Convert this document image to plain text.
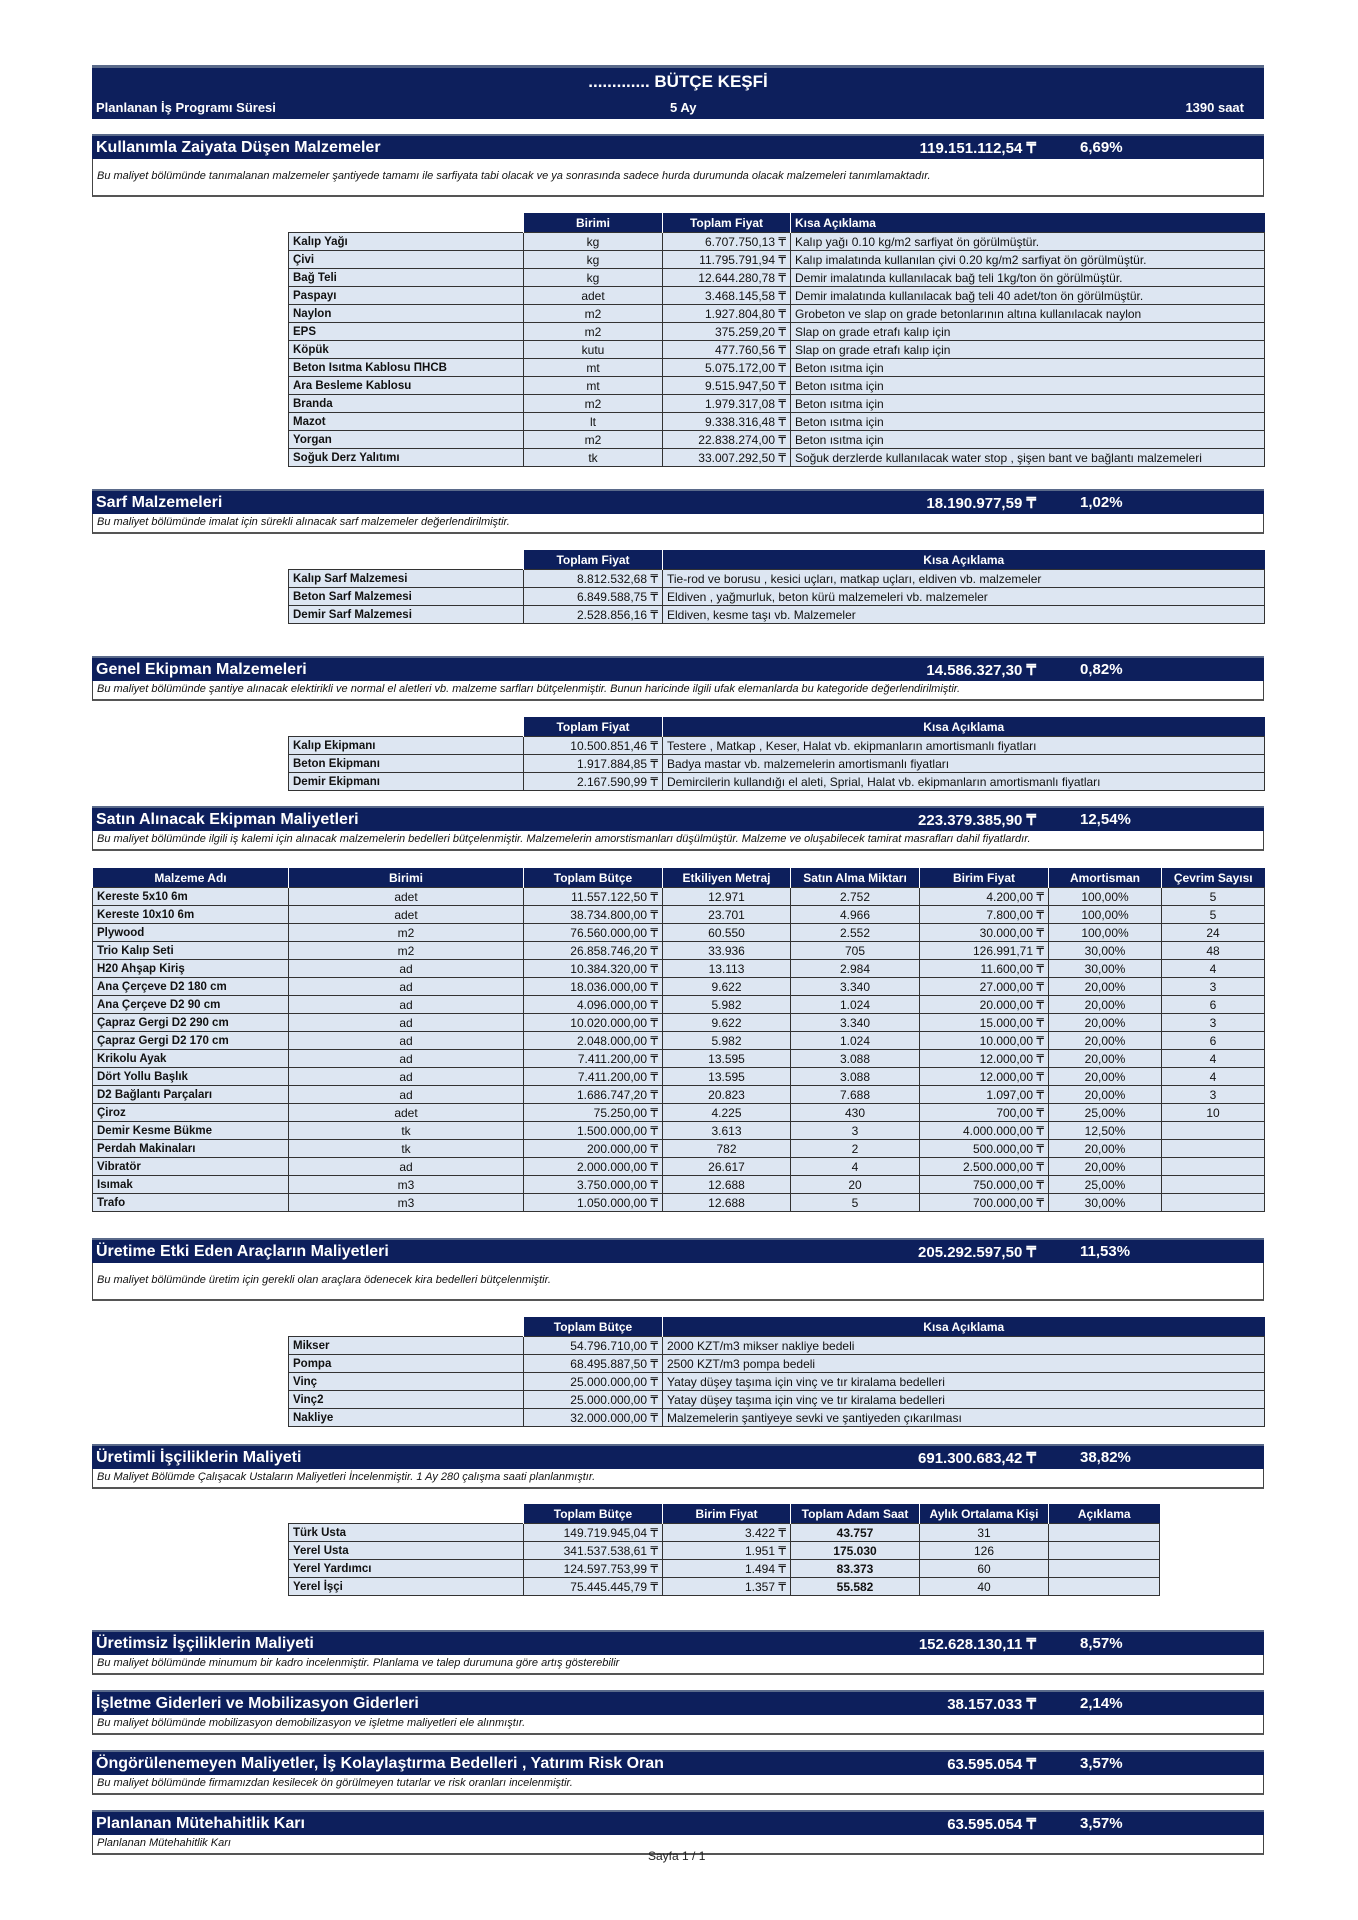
............. BÜTÇE KEŞFİ
Planlanan İş Programı Süresi	5 Ay	1390 saat
Kullanımla Zaiyata Düşen Malzemeler	119.151.112,54 ₸	6,69%
Bu maliyet bölümünde tanımalanan malzemeler şantiyede tamamı ile sarfiyata tabi olacak ve ya sonrasında sadece hurda durumunda olacak malzemeleri tanımlamaktadır.
	Birimi	Toplam Fiyat	Kısa Açıklama
Kalıp Yağı	kg	6.707.750,13 ₸	Kalıp yağı 0.10 kg/m2 sarfiyat ön görülmüştür.
Çivi	kg	11.795.791,94 ₸	Kalıp imalatında kullanılan çivi 0.20 kg/m2 sarfiyat ön görülmüştür.
Bağ Teli	kg	12.644.280,78 ₸	Demir imalatında kullanılacak bağ teli 1kg/ton ön görülmüştür.
Paspayı	adet	3.468.145,58 ₸	Demir imalatında kullanılacak bağ teli 40 adet/ton ön görülmüştür.
Naylon	m2	1.927.804,80 ₸	Grobeton ve slap on grade betonlarının altına kullanılacak naylon
EPS	m2	375.259,20 ₸	Slap on grade etrafı kalıp için
Köpük	kutu	477.760,56 ₸	Slap on grade etrafı kalıp için
Beton Isıtma Kablosu ПНСВ	mt	5.075.172,00 ₸	Beton ısıtma için
Ara Besleme Kablosu	mt	9.515.947,50 ₸	Beton ısıtma için
Branda	m2	1.979.317,08 ₸	Beton ısıtma için
Mazot	lt	9.338.316,48 ₸	Beton ısıtma için
Yorgan	m2	22.838.274,00 ₸	Beton ısıtma için
Soğuk Derz Yalıtımı	tk	33.007.292,50 ₸	Soğuk derzlerde kullanılacak water stop , şişen bant ve bağlantı malzemeleri
Sarf Malzemeleri	18.190.977,59 ₸	1,02%
Bu maliyet bölümünde imalat için sürekli alınacak sarf malzemeler değerlendirilmiştir.
	Toplam Fiyat	Kısa Açıklama
Kalıp Sarf Malzemesi	8.812.532,68 ₸	Tie-rod ve borusu , kesici uçları, matkap uçları, eldiven vb. malzemeler
Beton Sarf Malzemesi	6.849.588,75 ₸	Eldiven , yağmurluk, beton kürü malzemeleri vb. malzemeler
Demir Sarf Malzemesi	2.528.856,16 ₸	Eldiven, kesme taşı vb. Malzemeler
Genel Ekipman Malzemeleri	14.586.327,30 ₸	0,82%
Bu maliyet bölümünde şantiye alınacak elektirikli ve normal el aletleri vb. malzeme sarfları bütçelenmiştir. Bunun haricinde ilgili ufak elemanlarda bu kategoride değerlendirilmiştir.
	Toplam Fiyat	Kısa Açıklama
Kalıp Ekipmanı	10.500.851,46 ₸	Testere , Matkap , Keser, Halat vb. ekipmanların amortismanlı fiyatları
Beton Ekipmanı	1.917.884,85 ₸	Badya mastar vb. malzemelerin amortismanlı fiyatları
Demir Ekipmanı	2.167.590,99 ₸	Demircilerin kullandığı el aleti, Sprial, Halat vb. ekipmanların amortismanlı fiyatları
Satın Alınacak Ekipman Maliyetleri	223.379.385,90 ₸	12,54%
Bu maliyet bölümünde ilgili iş kalemi için alınacak malzemelerin bedelleri bütçelenmiştir. Malzemelerin amorstismanları düşülmüştür. Malzeme ve oluşabilecek tamirat masrafları dahil fiyatlardır.
Malzeme Adı	Birimi	Toplam Bütçe	Etkiliyen Metraj	Satın Alma Miktarı	Birim Fiyat	Amortisman	Çevrim Sayısı
Kereste 5x10 6m	adet	11.557.122,50 ₸	12.971	2.752	4.200,00 ₸	100,00%	5
Kereste 10x10 6m	adet	38.734.800,00 ₸	23.701	4.966	7.800,00 ₸	100,00%	5
Plywood	m2	76.560.000,00 ₸	60.550	2.552	30.000,00 ₸	100,00%	24
Trio Kalıp Seti	m2	26.858.746,20 ₸	33.936	705	126.991,71 ₸	30,00%	48
H20 Ahşap Kiriş	ad	10.384.320,00 ₸	13.113	2.984	11.600,00 ₸	30,00%	4
Ana Çerçeve D2 180 cm	ad	18.036.000,00 ₸	9.622	3.340	27.000,00 ₸	20,00%	3
Ana Çerçeve D2 90 cm	ad	4.096.000,00 ₸	5.982	1.024	20.000,00 ₸	20,00%	6
Çapraz Gergi D2 290 cm	ad	10.020.000,00 ₸	9.622	3.340	15.000,00 ₸	20,00%	3
Çapraz Gergi D2 170 cm	ad	2.048.000,00 ₸	5.982	1.024	10.000,00 ₸	20,00%	6
Krikolu Ayak	ad	7.411.200,00 ₸	13.595	3.088	12.000,00 ₸	20,00%	4
Dört Yollu Başlık	ad	7.411.200,00 ₸	13.595	3.088	12.000,00 ₸	20,00%	4
D2 Bağlantı Parçaları	ad	1.686.747,20 ₸	20.823	7.688	1.097,00 ₸	20,00%	3
Çiroz	adet	75.250,00 ₸	4.225	430	700,00 ₸	25,00%	10
Demir Kesme Bükme	tk	1.500.000,00 ₸	3.613	3	4.000.000,00 ₸	12,50%	
Perdah Makinaları	tk	200.000,00 ₸	782	2	500.000,00 ₸	20,00%	
Vibratör	ad	2.000.000,00 ₸	26.617	4	2.500.000,00 ₸	20,00%	
Isımak	m3	3.750.000,00 ₸	12.688	20	750.000,00 ₸	25,00%	
Trafo	m3	1.050.000,00 ₸	12.688	5	700.000,00 ₸	30,00%	
Üretime Etki Eden Araçların Maliyetleri	205.292.597,50 ₸	11,53%
Bu maliyet bölümünde üretim için gerekli olan araçlara ödenecek kira bedelleri bütçelenmiştir.
	Toplam Bütçe	Kısa Açıklama
Mikser	54.796.710,00 ₸	2000 KZT/m3 mikser nakliye bedeli
Pompa	68.495.887,50 ₸	2500 KZT/m3 pompa bedeli
Vinç	25.000.000,00 ₸	Yatay düşey taşıma için vinç ve tır kiralama bedelleri
Vinç2	25.000.000,00 ₸	Yatay düşey taşıma için vinç ve tır kiralama bedelleri
Nakliye	32.000.000,00 ₸	Malzemelerin şantiyeye sevki ve şantiyeden çıkarılması
Üretimli İşçiliklerin Maliyeti	691.300.683,42 ₸	38,82%
Bu Maliyet Bölümde Çalışacak Ustaların Maliyetleri İncelenmiştir. 1 Ay 280 çalışma saati planlanmıştır.
	Toplam Bütçe	Birim Fiyat	Toplam Adam Saat	Aylık Ortalama Kişi	Açıklama
Türk Usta	149.719.945,04 ₸	3.422 ₸	43.757	31	
Yerel Usta	341.537.538,61 ₸	1.951 ₸	175.030	126	
Yerel Yardımcı	124.597.753,99 ₸	1.494 ₸	83.373	60	
Yerel İşçi	75.445.445,79 ₸	1.357 ₸	55.582	40	
Üretimsiz İşçiliklerin Maliyeti	152.628.130,11 ₸	8,57%
Bu maliyet bölümünde minumum bir kadro incelenmiştir. Planlama ve talep durumuna göre artış gösterebilir
İşletme Giderleri ve Mobilizasyon Giderleri	38.157.033 ₸	2,14%
Bu maliyet bölümünde mobilizasyon demobilizasyon ve işletme maliyetleri ele alınmıştır.
Öngörülenemeyen Maliyetler, İş Kolaylaştırma Bedelleri , Yatırım Risk Oran	63.595.054 ₸	3,57%
Bu maliyet bölümünde firmamızdan kesilecek ön görülmeyen tutarlar ve risk oranları incelenmiştir.
Planlanan Mütehahitlik Karı	63.595.054 ₸	3,57%
Planlanan Mütehahitlik Karı
Sayfa 1 / 1
